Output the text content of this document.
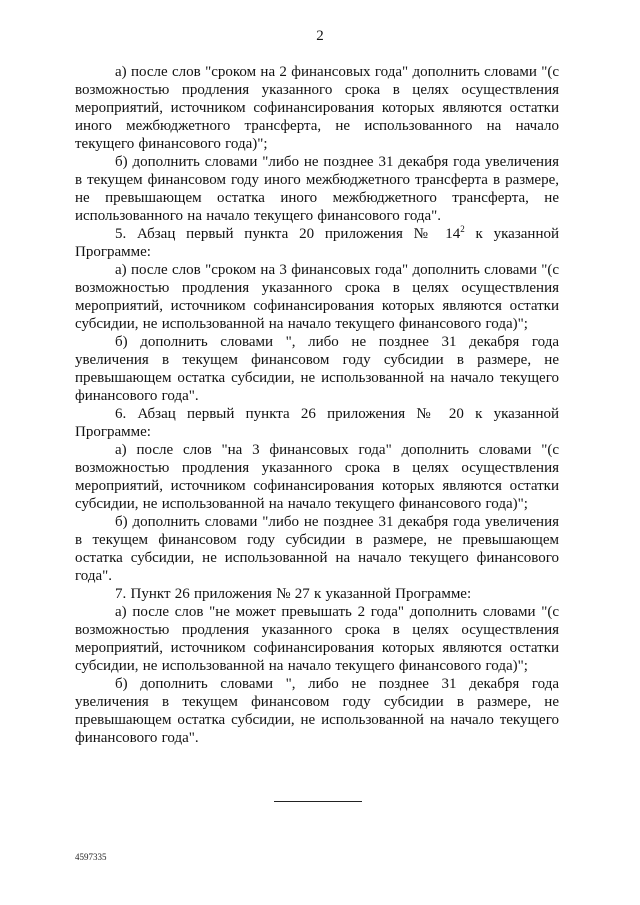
2

а) после слов "сроком на 2 финансовых года" дополнить словами "(с возможностью продления указанного срока в целях осуществления мероприятий, источником софинансирования которых являются остатки иного межбюджетного трансферта, не использованного на начало текущего финансового года)";

б) дополнить словами "либо не позднее 31 декабря года увеличения в текущем финансовом году иного межбюджетного трансферта в размере, не превышающем остатка иного межбюджетного трансферта, не использованного на начало текущего финансового года".

5. Абзац первый пункта 20 приложения № $14^2$ к указанной Программе:

а) после слов "сроком на 3 финансовых года" дополнить словами "(с возможностью продления указанного срока в целях осуществления мероприятий, источником софинансирования которых являются остатки субсидии, не использованной на начало текущего финансового года)";

б) дополнить словами ", либо не позднее 31 декабря года увеличения в текущем финансовом году субсидии в размере, не превышающем остатка субсидии, не использованной на начало текущего финансового года".

6. Абзац первый пункта 26 приложения № 20 к указанной Программе:

а) после слов "на 3 финансовых года" дополнить словами "(с возможностью продления указанного срока в целях осуществления мероприятий, источником софинансирования которых являются остатки субсидии, не использованной на начало текущего финансового года)";

б) дополнить словами "либо не позднее 31 декабря года увеличения в текущем финансовом году субсидии в размере, не превышающем остатка субсидии, не использованной на начало текущего финансового года".

7. Пункт 26 приложения № 27 к указанной Программе:

а) после слов "не может превышать 2 года" дополнить словами "(с возможностью продления указанного срока в целях осуществления мероприятий, источником софинансирования которых являются остатки субсидии, не использованной на начало текущего финансового года)";

б) дополнить словами ", либо не позднее 31 декабря года увеличения в текущем финансовом году субсидии в размере, не превышающем остатка субсидии, не использованной на начало текущего финансового года".

4597335
